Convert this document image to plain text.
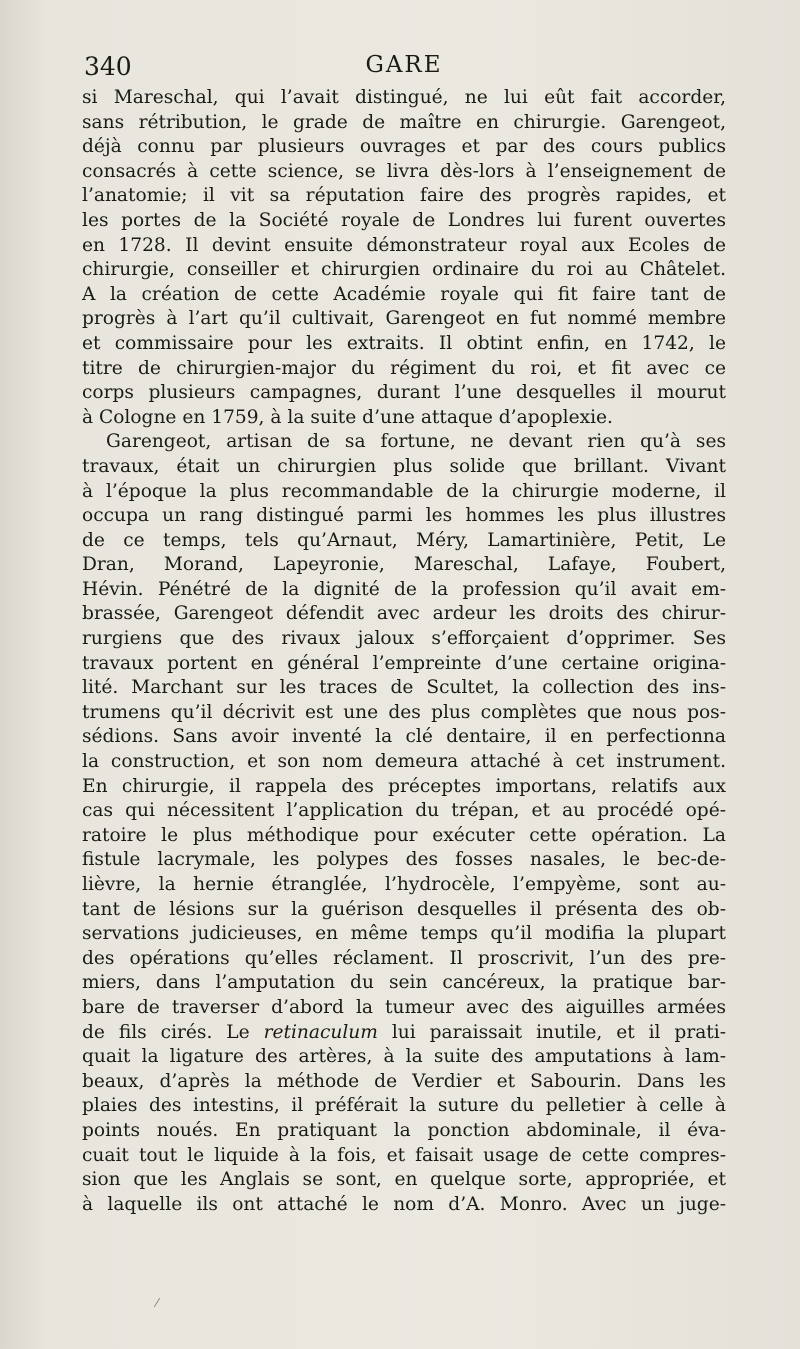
340	GARE
si Mareschal, qui l’avait distingué, ne lui eût fait accorder,
sans rétribution, le grade de maître en chirurgie. Garengeot,
déjà connu par plusieurs ouvrages et par des cours publics
consacrés à cette science, se livra dès-lors à l’enseignement de
l’anatomie; il vit sa réputation faire des progrès rapides, et
les portes de la Société royale de Londres lui furent ouvertes
en 1728. Il devint ensuite démonstrateur royal aux Ecoles de
chirurgie, conseiller et chirurgien ordinaire du roi au Châtelet.
A la création de cette Académie royale qui fit faire tant de
progrès à l’art qu’il cultivait, Garengeot en fut nommé membre
et commissaire pour les extraits. Il obtint enfin, en 1742, le
titre de chirurgien-major du régiment du roi, et fit avec ce
corps plusieurs campagnes, durant l’une desquelles il mourut
à Cologne en 1759, à la suite d’une attaque d’apoplexie.
Garengeot, artisan de sa fortune, ne devant rien qu’à ses
travaux, était un chirurgien plus solide que brillant. Vivant
à l’époque la plus recommandable de la chirurgie moderne, il
occupa un rang distingué parmi les hommes les plus illustres
de ce temps, tels qu’Arnaut, Méry, Lamartinière, Petit, Le
Dran, Morand, Lapeyronie, Mareschal, Lafaye, Foubert,
Hévin. Pénétré de la dignité de la profession qu’il avait em-
brassée, Garengeot défendit avec ardeur les droits des chirur-
rurgiens que des rivaux jaloux s’efforçaient d’opprimer. Ses
travaux portent en général l’empreinte d’une certaine origina-
lité. Marchant sur les traces de Scultet, la collection des ins-
trumens qu’il décrivit est une des plus complètes que nous pos-
sédions. Sans avoir inventé la clé dentaire, il en perfectionna
la construction, et son nom demeura attaché à cet instrument.
En chirurgie, il rappela des préceptes importans, relatifs aux
cas qui nécessitent l’application du trépan, et au procédé opé-
ratoire le plus méthodique pour exécuter cette opération. La
fistule lacrymale, les polypes des fosses nasales, le bec-de-
lièvre, la hernie étranglée, l’hydrocèle, l’empyème, sont au-
tant de lésions sur la guérison desquelles il présenta des ob-
servations judicieuses, en même temps qu’il modifia la plupart
des opérations qu’elles réclament. Il proscrivit, l’un des pre-
miers, dans l’amputation du sein cancéreux, la pratique bar-
bare de traverser d’abord la tumeur avec des aiguilles armées
de fils cirés. Le retinaculum lui paraissait inutile, et il prati-
quait la ligature des artères, à la suite des amputations à lam-
beaux, d’après la méthode de Verdier et Sabourin. Dans les
plaies des intestins, il préférait la suture du pelletier à celle à
points noués. En pratiquant la ponction abdominale, il éva-
cuait tout le liquide à la fois, et faisait usage de cette compres-
sion que les Anglais se sont, en quelque sorte, appropriée, et
à laquelle ils ont attaché le nom d’A. Monro. Avec un juge-
⁄
